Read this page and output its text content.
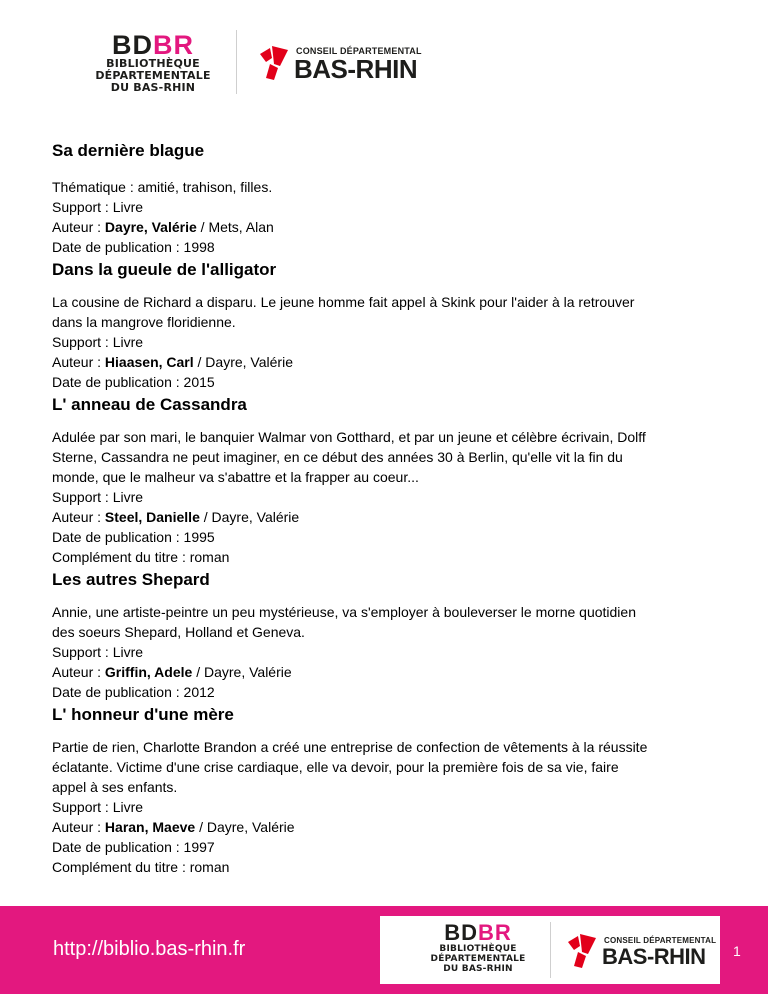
BDBR
BIBLIOTHÈQUE
DÉPARTEMENTALE
DU BAS-RHIN
CONSEIL DÉPARTEMENTAL
BAS-RHIN
Sa dernière blague
Thématique : amitié, trahison, filles.
Support : Livre
Auteur : Dayre, Valérie / Mets, Alan
Date de publication : 1998
Dans la gueule de l'alligator
La cousine de Richard a disparu. Le jeune homme fait appel à Skink pour l'aider à la retrouver
dans la mangrove floridienne.
Support : Livre
Auteur : Hiaasen, Carl / Dayre, Valérie
Date de publication : 2015
L' anneau de Cassandra
Adulée par son mari, le banquier Walmar von Gotthard, et par un jeune et célèbre écrivain, Dolff
Sterne, Cassandra ne peut imaginer, en ce début des années 30 à Berlin, qu'elle vit la fin du
monde, que le malheur va s'abattre et la frapper au coeur...
Support : Livre
Auteur : Steel, Danielle / Dayre, Valérie
Date de publication : 1995
Complément du titre : roman
Les autres Shepard
Annie, une artiste-peintre un peu mystérieuse, va s'employer à bouleverser le morne quotidien
des soeurs Shepard, Holland et Geneva.
Support : Livre
Auteur : Griffin, Adele / Dayre, Valérie
Date de publication : 2012
L' honneur d'une mère
Partie de rien, Charlotte Brandon a créé une entreprise de confection de vêtements à la réussite
éclatante. Victime d'une crise cardiaque, elle va devoir, pour la première fois de sa vie, faire
appel à ses enfants.
Support : Livre
Auteur : Haran, Maeve / Dayre, Valérie
Date de publication : 1997
Complément du titre : roman
http://biblio.bas-rhin.fr
BDBR
BIBLIOTHÈQUE
DÉPARTEMENTALE
DU BAS-RHIN
CONSEIL DÉPARTEMENTAL
BAS-RHIN 1
